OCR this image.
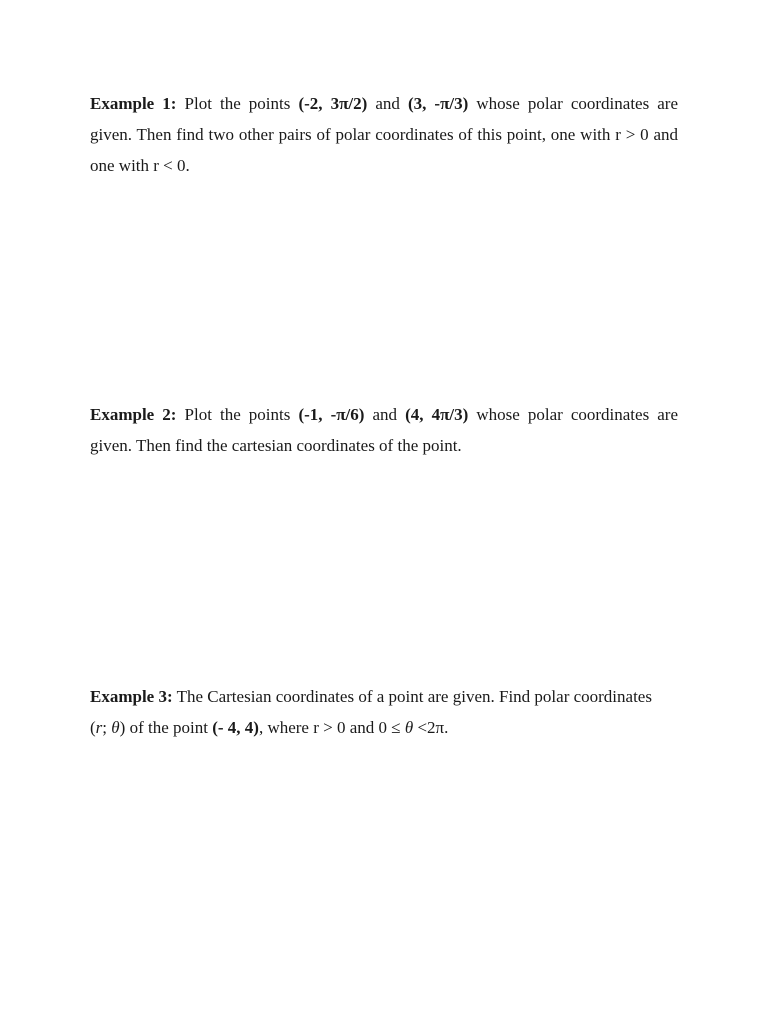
Example 1: Plot the points (-2, 3π/2) and (3, -π/3) whose polar coordinates are
given. Then find two other pairs of polar coordinates of this point, one with r > 0 and
one with r < 0.
Example 2: Plot the points (-1, -π/6) and (4, 4π/3) whose polar coordinates are
given. Then find the cartesian coordinates of the point.
Example 3: The Cartesian coordinates of a point are given. Find polar coordinates
(r; θ) of the point (- 4, 4), where r > 0 and 0 ≤ θ <2π.
